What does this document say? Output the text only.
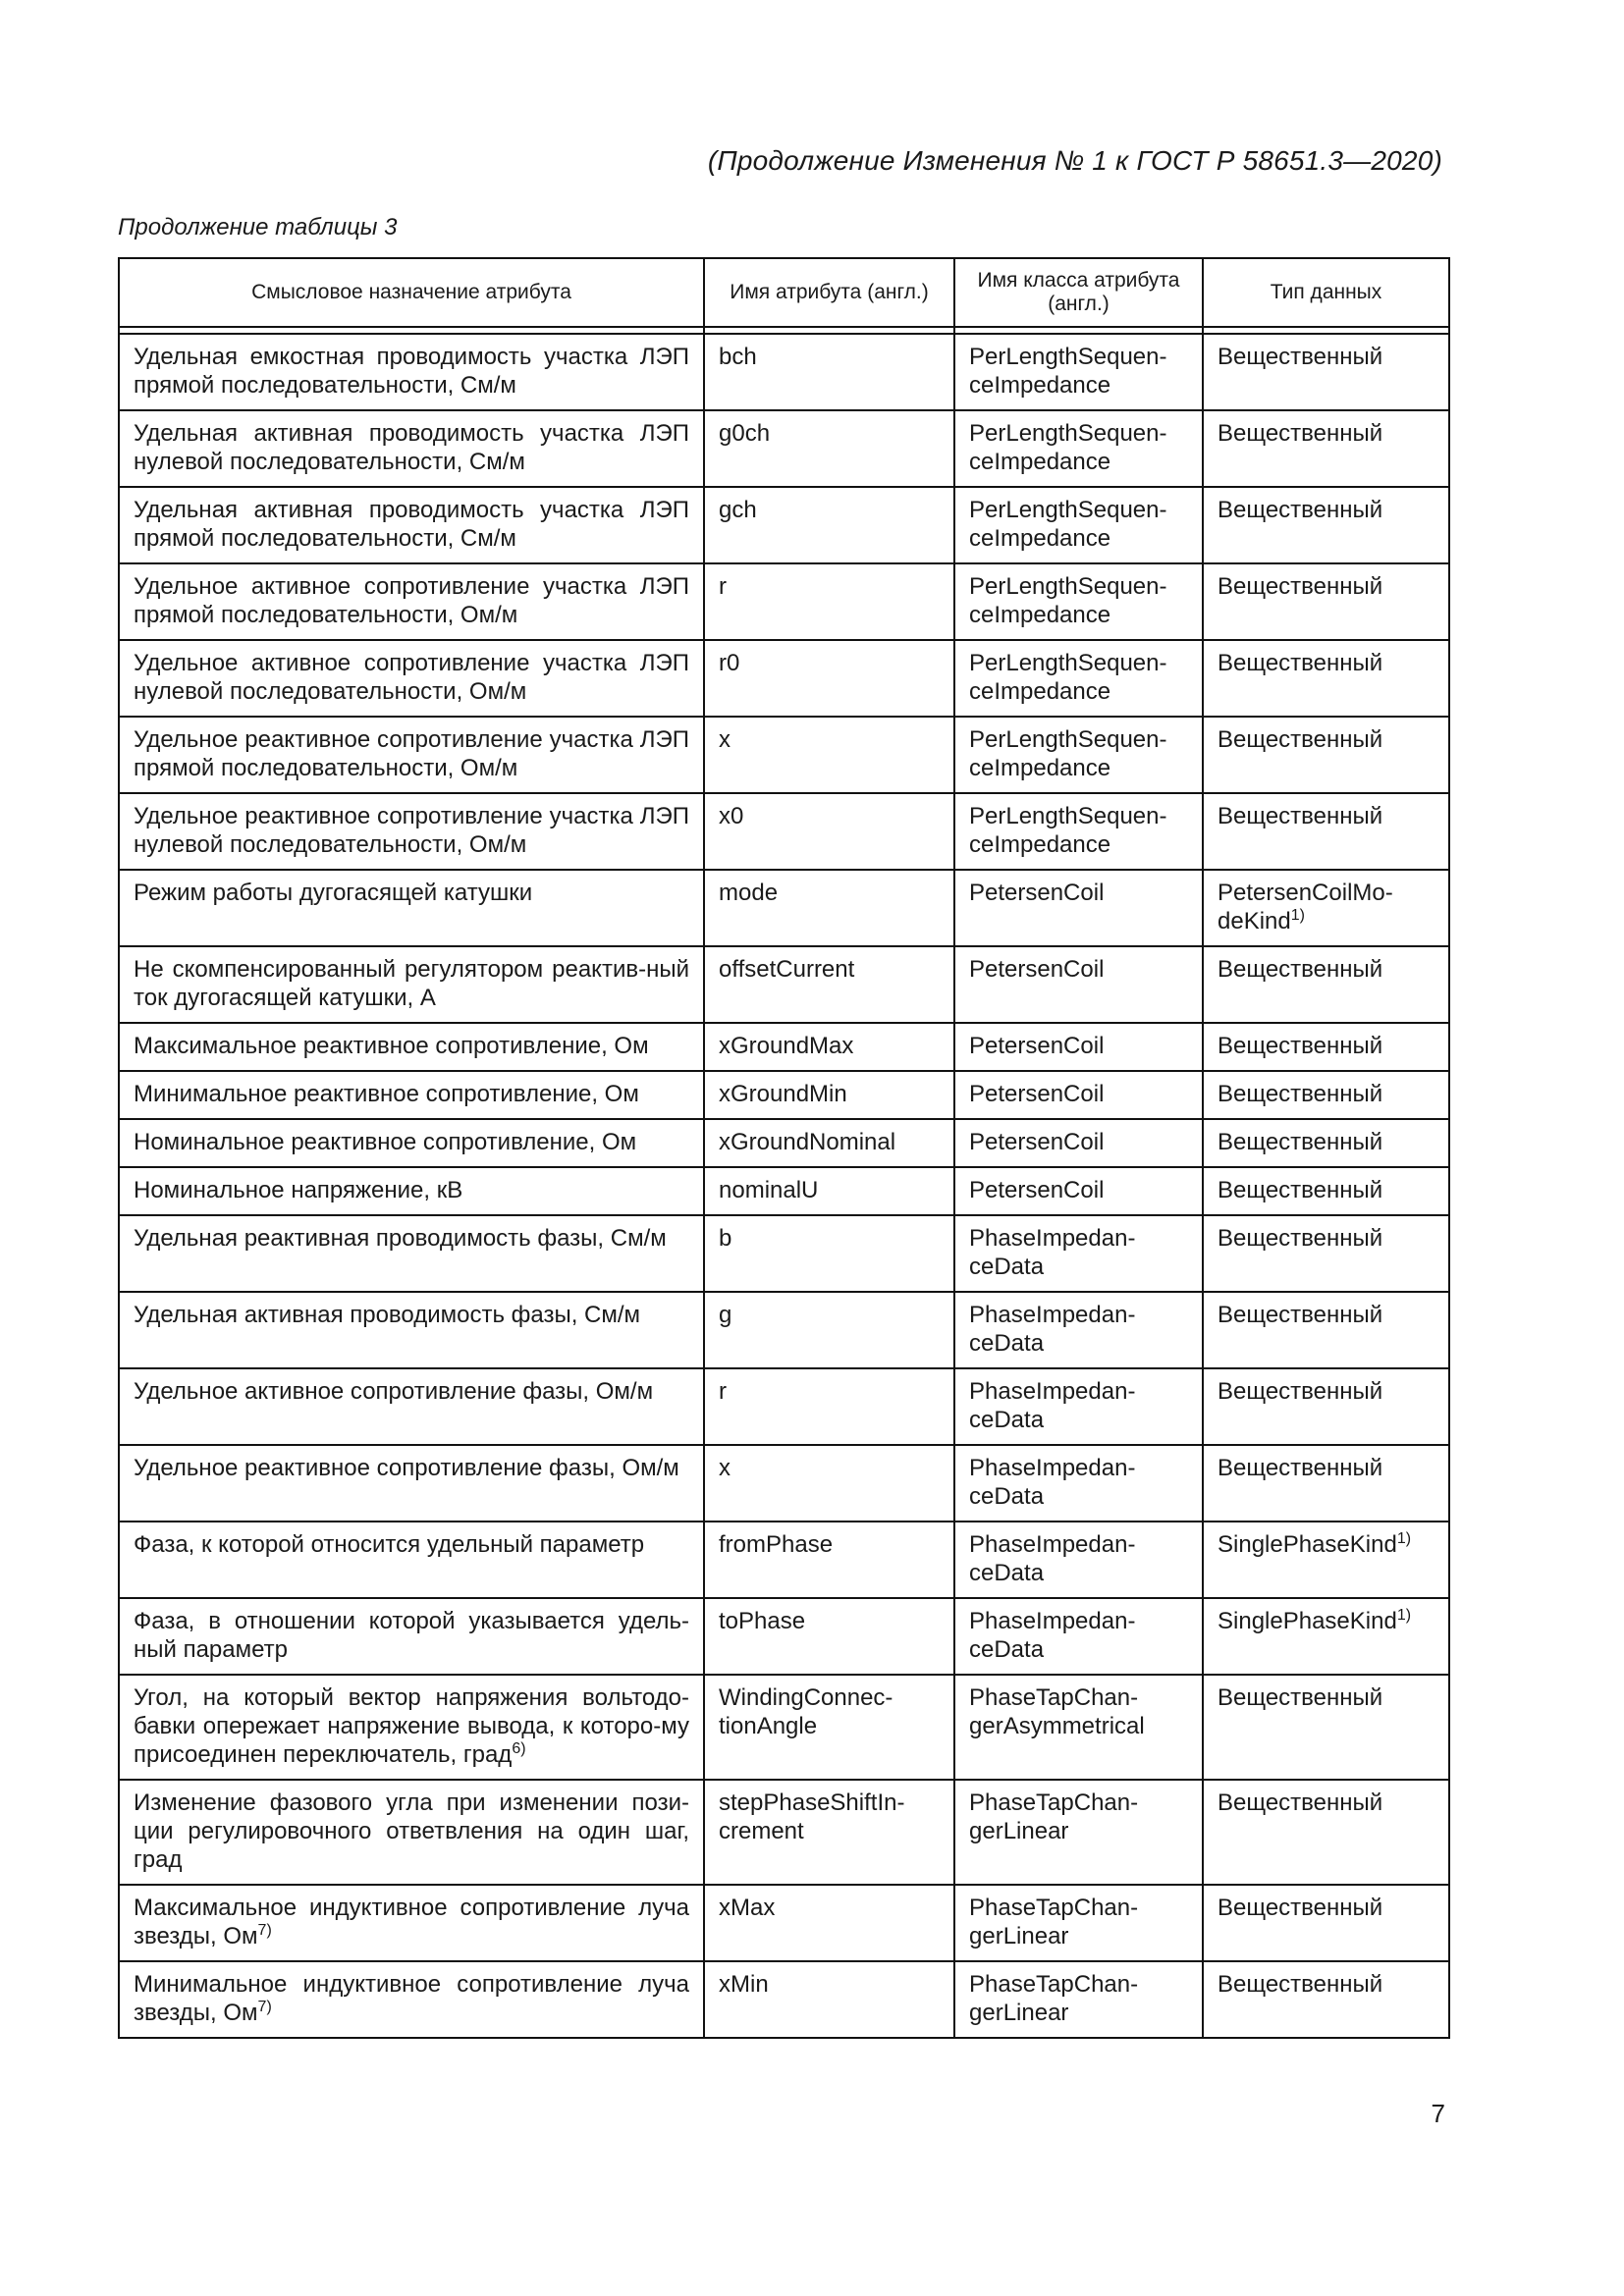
(Продолжение Изменения № 1 к ГОСТ Р 58651.3—2020)
Продолжение таблицы 3
Смысловое назначение атрибута	Имя атрибута (англ.)	Имя класса атрибута (англ.)	Тип данных

Удельная емкостная проводимость участка ЛЭП прямой последовательности, См/м	bch	PerLengthSequen-ceImpedance	Вещественный
Удельная активная проводимость участка ЛЭП нулевой последовательности, См/м	g0ch	PerLengthSequen-ceImpedance	Вещественный
Удельная активная проводимость участка ЛЭП прямой последовательности, См/м	gch	PerLengthSequen-ceImpedance	Вещественный
Удельное активное сопротивление участка ЛЭП прямой последовательности, Ом/м	r	PerLengthSequen-ceImpedance	Вещественный
Удельное активное сопротивление участка ЛЭП нулевой последовательности, Ом/м	r0	PerLengthSequen-ceImpedance	Вещественный
Удельное реактивное сопротивление участка ЛЭП прямой последовательности, Ом/м	x	PerLengthSequen-ceImpedance	Вещественный
Удельное реактивное сопротивление участка ЛЭП нулевой последовательности, Ом/м	x0	PerLengthSequen-ceImpedance	Вещественный
Режим работы дугогасящей катушки	mode	PetersenCoil	PetersenCoilMo-deKind$^{1)}$
Не скомпенсированный регулятором реактив-ный ток дугогасящей катушки, А	offsetCurrent	PetersenCoil	Вещественный
Максимальное реактивное сопротивление, Ом	xGroundMax	PetersenCoil	Вещественный
Минимальное реактивное сопротивление, Ом	xGroundMin	PetersenCoil	Вещественный
Номинальное реактивное сопротивление, Ом	xGroundNominal	PetersenCoil	Вещественный
Номинальное напряжение, кВ	nominalU	PetersenCoil	Вещественный
Удельная реактивная проводимость фазы, См/м	b	PhaseImpedan-ceData	Вещественный
Удельная активная проводимость фазы, См/м	g	PhaseImpedan-ceData	Вещественный
Удельное активное сопротивление фазы, Ом/м	r	PhaseImpedan-ceData	Вещественный
Удельное реактивное сопротивление фазы, Ом/м	x	PhaseImpedan-ceData	Вещественный
Фаза, к которой относится удельный параметр	fromPhase	PhaseImpedan-ceData	SinglePhaseKind$^{1)}$
Фаза, в отношении которой указывается удель-ный параметр	toPhase	PhaseImpedan-ceData	SinglePhaseKind$^{1)}$
Угол, на который вектор напряжения вольтодо-бавки опережает напряжение вывода, к которо-му присоединен переключатель, град$^{6)}$	WindingConnec-tionAngle	PhaseTapChan-gerAsymmetrical	Вещественный
Изменение фазового угла при изменении пози-ции регулировочного ответвления на один шаг, град	stepPhaseShiftIn-crement	PhaseTapChan-gerLinear	Вещественный
Максимальное индуктивное сопротивление луча звезды, $Ом^{7)}$	xMax	PhaseTapChan-gerLinear	Вещественный
Минимальное индуктивное сопротивление луча звезды, $Ом^{7)}$	xMin	PhaseTapChan-gerLinear	Вещественный
7
